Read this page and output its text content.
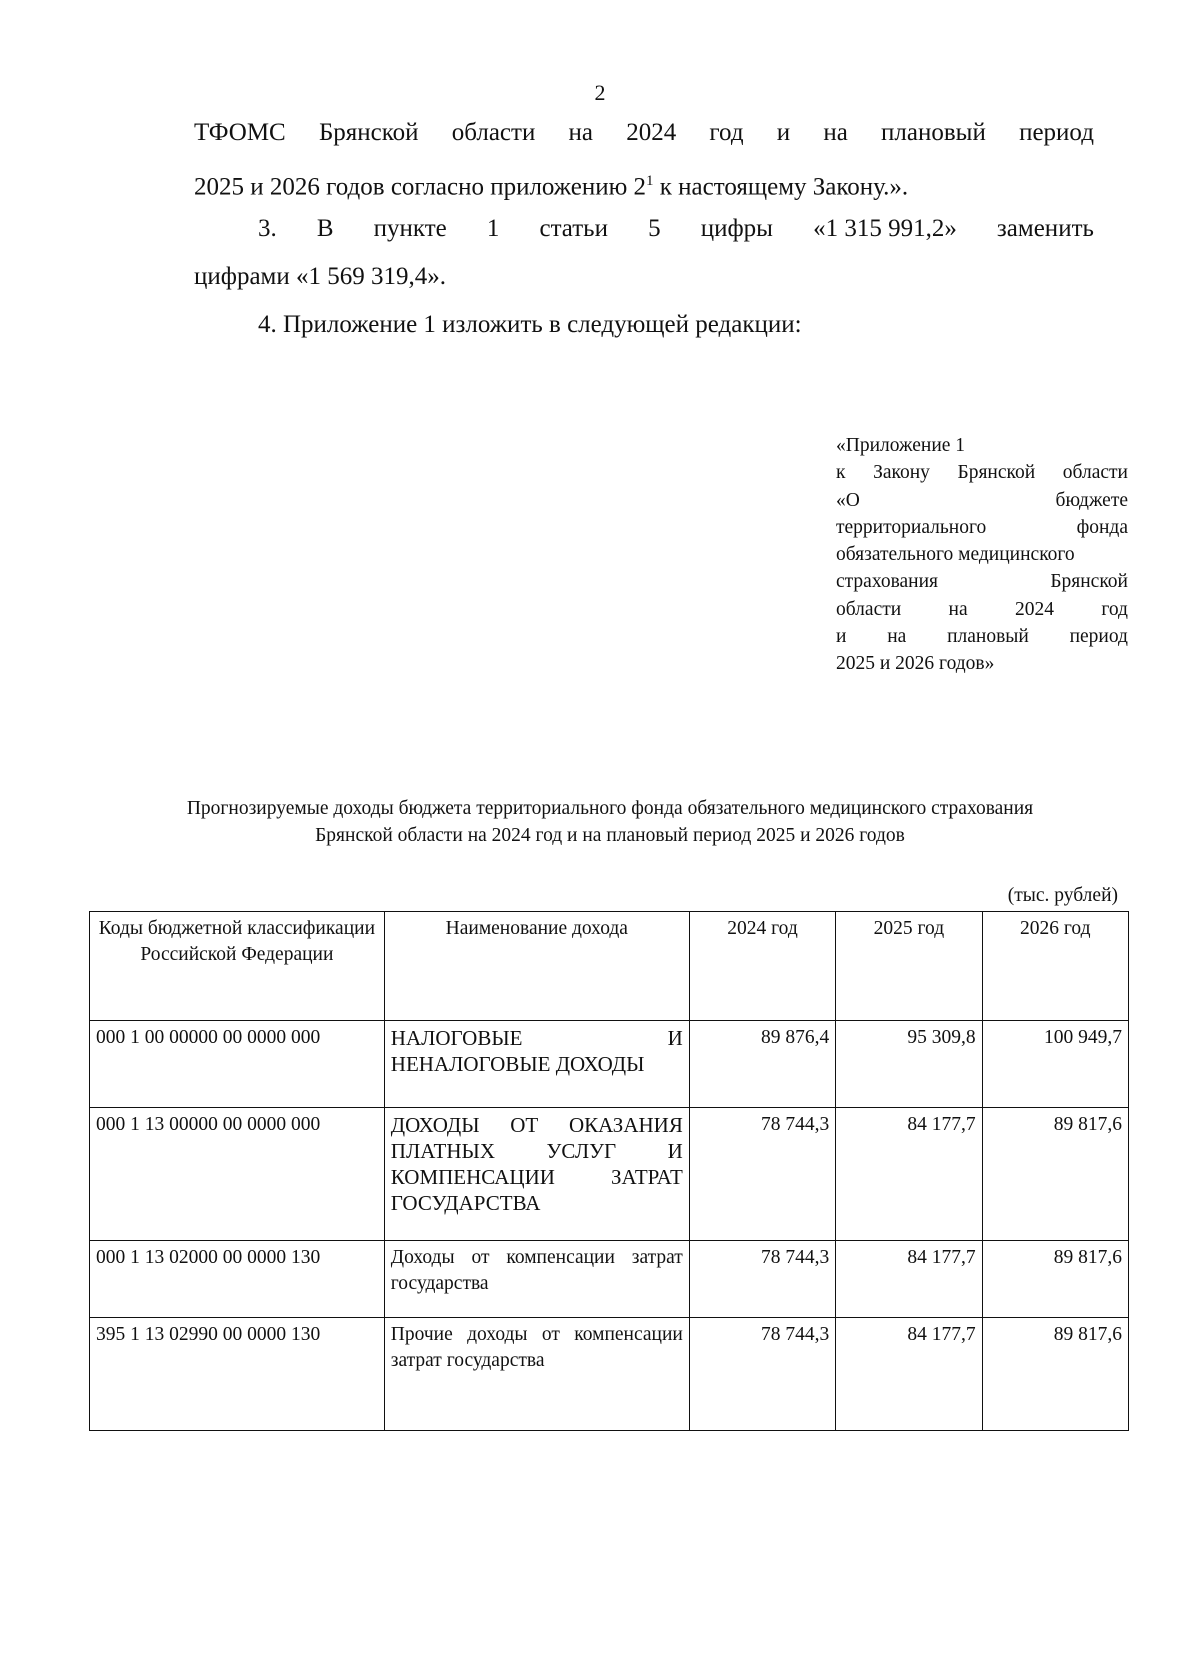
2
ТФОМС Брянской области на 2024 год и на плановый период
2025 и 2026 годов согласно приложению $2^1$ к настоящему Закону.».
3. В пункте 1 статьи 5 цифры «1 315 991,2» заменить
цифрами «1 569 319,4».
4. Приложение 1 изложить в следующей редакции:
«Приложение 1
к Закону Брянской области
«О	бюджете
территориального	фонда
обязательного медицинского
страхования	Брянской
области на 2024 год
и на плановый период
2025 и 2026 годов»
Прогнозируемые доходы бюджета территориального фонда обязательного медицинского страхования
Брянской области на 2024 год и на плановый период 2025 и 2026 годов
(тыс. рублей)
Коды бюджетной классификации Российской Федерации	Наименование дохода	2024 год	2025 год	2026 год
000 1 00 00000 00 0000 000	НАЛОГОВЫЕ И НЕНАЛОГОВЫЕ ДОХОДЫ	89 876,4	95 309,8	100 949,7
000 1 13 00000 00 0000 000	ДОХОДЫ ОТ ОКАЗАНИЯ ПЛАТНЫХ УСЛУГ И КОМПЕНСАЦИИ ЗАТРАТ ГОСУДАРСТВА	78 744,3	84 177,7	89 817,6
000 1 13 02000 00 0000 130	Доходы от компенсации затрат государства	78 744,3	84 177,7	89 817,6
395 1 13 02990 00 0000 130	Прочие доходы от компенсации затрат государства	78 744,3	84 177,7	89 817,6
